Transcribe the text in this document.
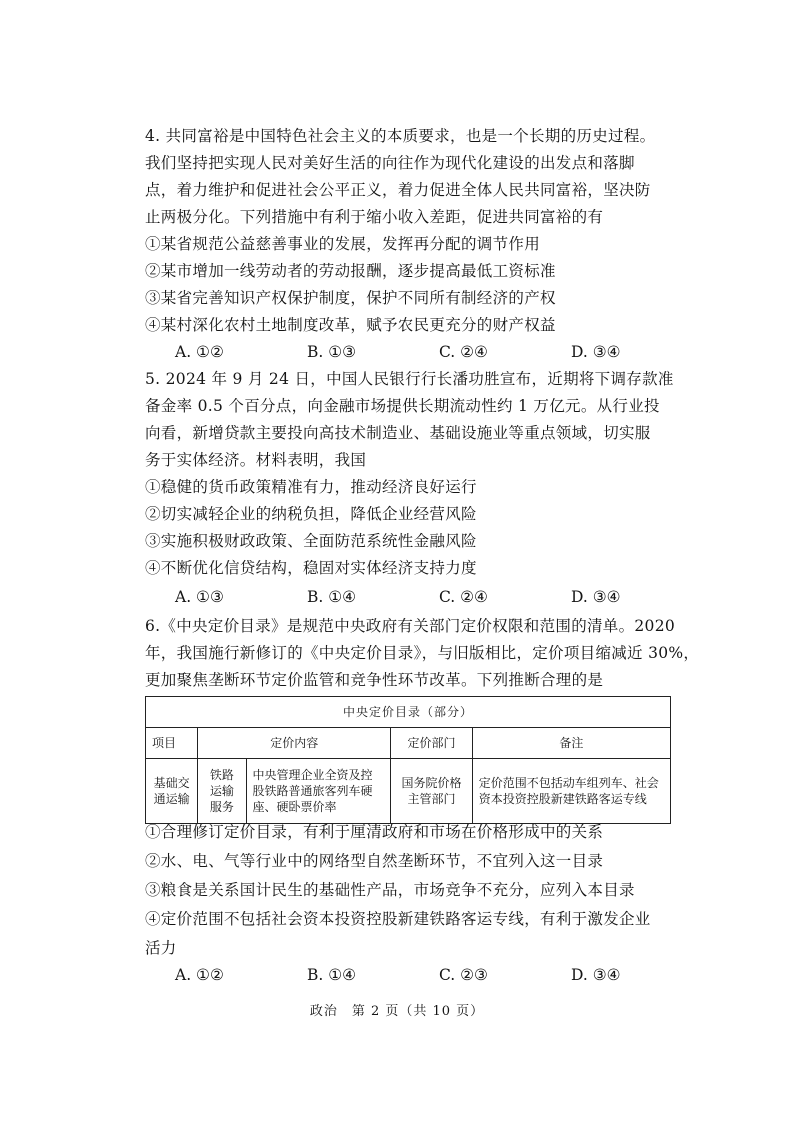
4. 共同富裕是中国特色社会主义的本质要求，也是一个长期的历史过程。
我们坚持把实现人民对美好生活的向往作为现代化建设的出发点和落脚
点，着力维护和促进社会公平正义，着力促进全体人民共同富裕，坚决防
止两极分化。下列措施中有利于缩小收入差距，促进共同富裕的有
①某省规范公益慈善事业的发展，发挥再分配的调节作用
②某市增加一线劳动者的劳动报酬，逐步提高最低工资标准
③某省完善知识产权保护制度，保护不同所有制经济的产权
④某村深化农村土地制度改革，赋予农民更充分的财产权益
A. ①②	B. ①③	C. ②④	D. ③④
5. 2024 年 9 月 24 日，中国人民银行行长潘功胜宣布，近期将下调存款准
备金率 0.5 个百分点，向金融市场提供长期流动性约 1 万亿元。从行业投
向看，新增贷款主要投向高技术制造业、基础设施业等重点领域，切实服
务于实体经济。材料表明，我国
①稳健的货币政策精准有力，推动经济良好运行
②切实减轻企业的纳税负担，降低企业经营风险
③实施积极财政政策、全面防范系统性金融风险
④不断优化信贷结构，稳固对实体经济支持力度
A. ①③	B. ①④	C. ②④	D. ③④
6.《中央定价目录》是规范中央政府有关部门定价权限和范围的清单。2020
年，我国施行新修订的《中央定价目录》，与旧版相比，定价项目缩减近 30%，
更加聚焦垄断环节定价监管和竞争性环节改革。下列推断合理的是
中央定价目录（部分）				
项目	定价内容		定价部门	备注
基础交通运输	铁路运输服务	中央管理企业全资及控股铁路普通旅客列车硬座、硬卧票价率	国务院价格主管部门	定价范围不包括动车组列车、社会资本投资控股新建铁路客运专线
①合理修订定价目录，有利于厘清政府和市场在价格形成中的关系
②水、电、气等行业中的网络型自然垄断环节，不宜列入这一目录
③粮食是关系国计民生的基础性产品，市场竞争不充分，应列入本目录
④定价范围不包括社会资本投资控股新建铁路客运专线，有利于激发企业
活力
A. ①②	B. ①④	C. ②③	D. ③④
政治　第 2 页（共 10 页）
